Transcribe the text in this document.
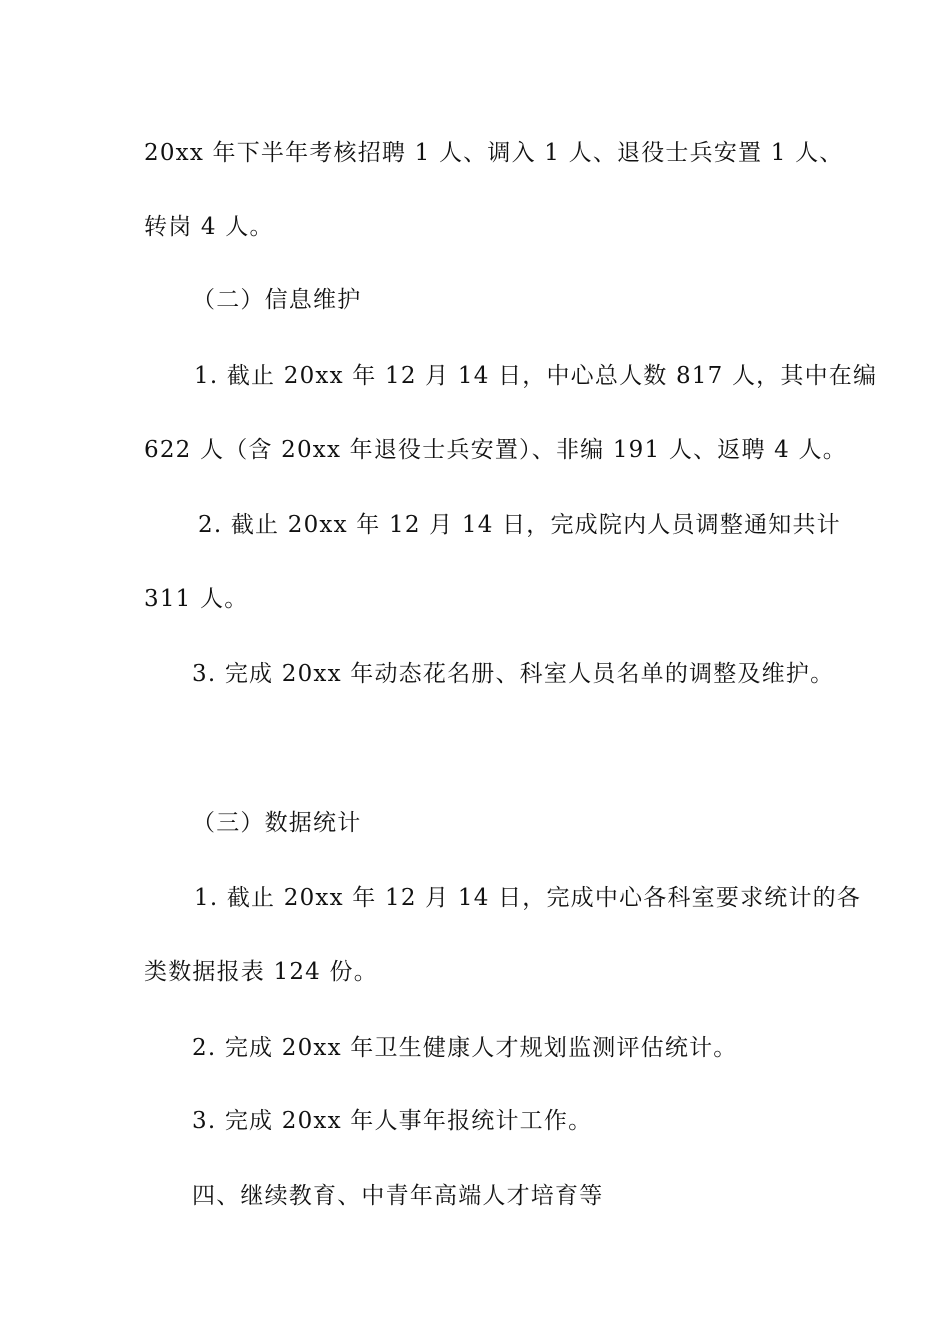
20xx 年下半年考核招聘 1 人、调入 1 人、退役士兵安置 1 人、
转岗 4 人。
（二）信息维护
1. 截止 20xx 年 12 月 14 日，中心总人数 817 人，其中在编
622 人（含 20xx 年退役士兵安置）、非编 191 人、返聘 4 人。
2. 截止 20xx 年 12 月 14 日，完成院内人员调整通知共计
311 人。
3. 完成 20xx 年动态花名册、科室人员名单的调整及维护。
（三）数据统计
1. 截止 20xx 年 12 月 14 日，完成中心各科室要求统计的各
类数据报表 124 份。
2. 完成 20xx 年卫生健康人才规划监测评估统计。
3. 完成 20xx 年人事年报统计工作。
四、继续教育、中青年高端人才培育等
